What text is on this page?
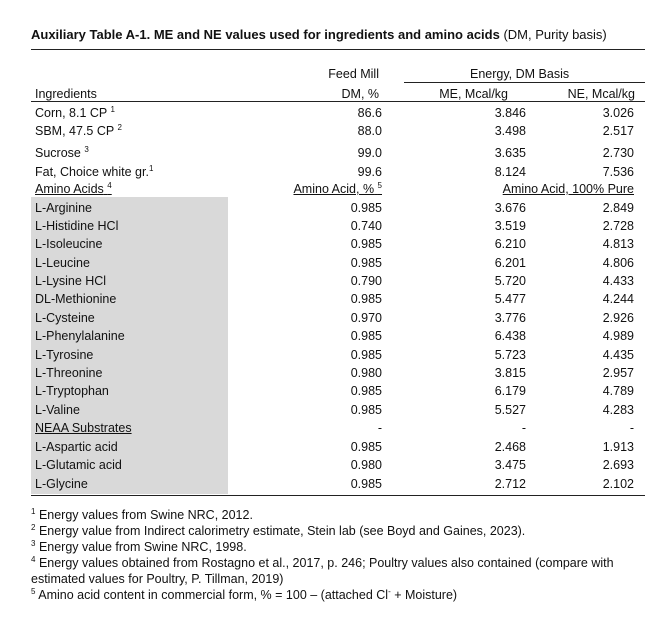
Auxiliary Table A-1. ME and NE values used for ingredients and amino acids (DM, Purity basis)
Feed Mill	Energy, DM Basis
Ingredients	DM, %	ME, Mcal/kg	NE, Mcal/kg
Corn, 8.1 CP $^1$	86.6	3.846	3.026
SBM, 47.5 CP $^2$	88.0	3.498	2.517
Sucrose $^3$	99.0	3.635	2.730
Fat, Choice white gr.$^1$	99.6	8.124	7.536
Amino Acids $^4$	Amino Acid, % $^5$	Amino Acid, 100% Pure
L-Arginine	0.985	3.676	2.849
L-Histidine HCl	0.740	3.519	2.728
L-Isoleucine	0.985	6.210	4.813
L-Leucine	0.985	6.201	4.806
L-Lysine HCl	0.790	5.720	4.433
DL-Methionine	0.985	5.477	4.244
L-Cysteine	0.970	3.776	2.926
L-Phenylalanine	0.985	6.438	4.989
L-Tyrosine	0.985	5.723	4.435
L-Threonine	0.980	3.815	2.957
L-Tryptophan	0.985	6.179	4.789
L-Valine	0.985	5.527	4.283
NEAA Substrates	-	-	-
L-Aspartic acid	0.985	2.468	1.913
L-Glutamic acid	0.980	3.475	2.693
L-Glycine	0.985	2.712	2.102
$^1$ Energy values from Swine NRC, 2012.
$^2$ Energy value from Indirect calorimetry estimate, Stein lab (see Boyd and Gaines, 2023).
$^3$ Energy value from Swine NRC, 1998.
$^4$ Energy values obtained from Rostagno et al., 2017, p. 246; Poultry values also contained (compare with estimated values for Poultry, P. Tillman, 2019)
$^5$ Amino acid content in commercial form, % = 100 – (attached Cl- + Moisture)
